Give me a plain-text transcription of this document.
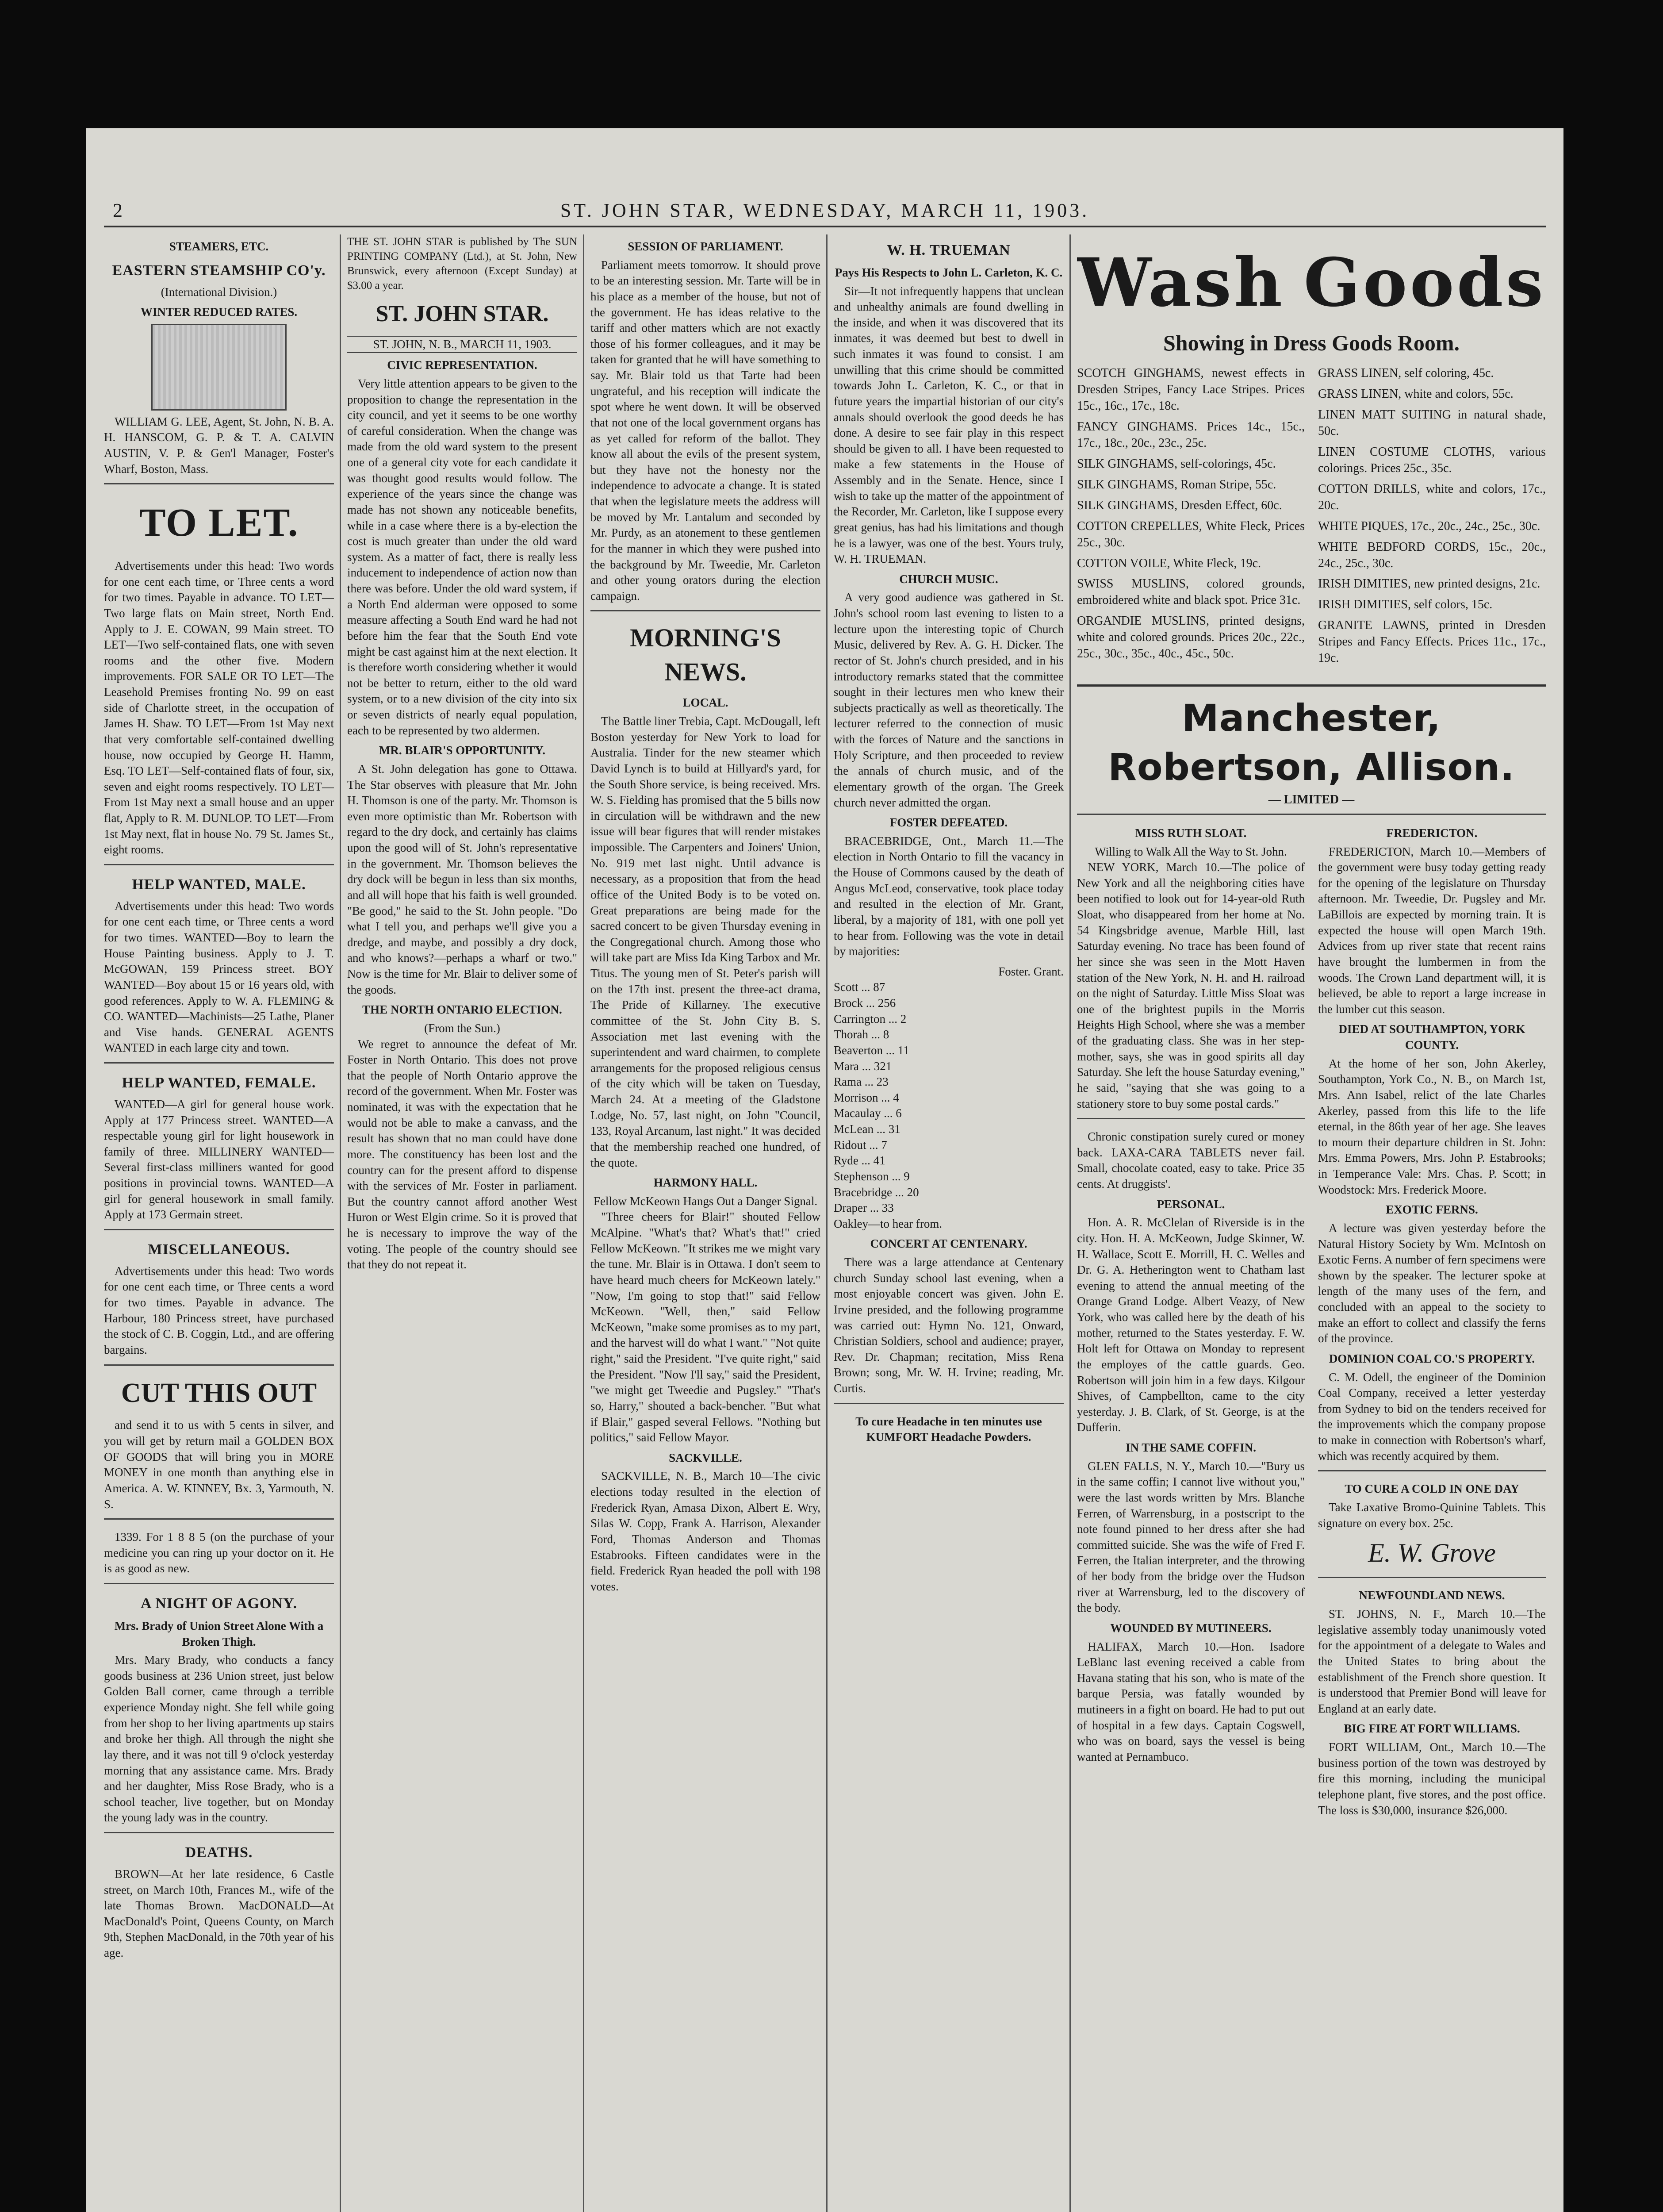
2	ST. JOHN STAR, WEDNESDAY, MARCH 11, 1903.
STEAMERS, ETC.
EASTERN STEAMSHIP CO'y.
(International Division.)
WINTER REDUCED RATES.

WILLIAM G. LEE, Agent, St. John, N. B. A. H. HANSCOM, G. P. & T. A. CALVIN AUSTIN, V. P. & Gen'l Manager, Foster's Wharf, Boston, Mass.

TO LET.

Advertisements under this head: Two words for one cent each time, or Three cents a word for two times. Payable in advance. TO LET—Two large flats on Main street, North End. Apply to J. E. COWAN, 99 Main street. TO LET—Two self-contained flats, one with seven rooms and the other five. Modern improvements. FOR SALE OR TO LET—The Leasehold Premises fronting No. 99 on east side of Charlotte street, in the occupation of James H. Shaw. TO LET—From 1st May next that very comfortable self-contained dwelling house, now occupied by George H. Hamm, Esq. TO LET—Self-contained flats of four, six, seven and eight rooms respectively. TO LET—From 1st May next a small house and an upper flat, Apply to R. M. DUNLOP. TO LET—From 1st May next, flat in house No. 79 St. James St., eight rooms.

HELP WANTED, MALE.

Advertisements under this head: Two words for one cent each time, or Three cents a word for two times. WANTED—Boy to learn the House Painting business. Apply to J. T. McGOWAN, 159 Princess street. BOY WANTED—Boy about 15 or 16 years old, with good references. Apply to W. A. FLEMING & CO. WANTED—Machinists—25 Lathe, Planer and Vise hands. GENERAL AGENTS WANTED in each large city and town.

HELP WANTED, FEMALE.

WANTED—A girl for general house work. Apply at 177 Princess street. WANTED—A respectable young girl for light housework in family of three. MILLINERY WANTED—Several first-class milliners wanted for good positions in provincial towns. WANTED—A girl for general housework in small family. Apply at 173 Germain street.

MISCELLANEOUS.

Advertisements under this head: Two words for one cent each time, or Three cents a word for two times. Payable in advance. The Harbour, 180 Princess street, have purchased the stock of C. B. Coggin, Ltd., and are offering bargains.

CUT THIS OUT

and send it to us with 5 cents in silver, and you will get by return mail a GOLDEN BOX OF GOODS that will bring you in MORE MONEY in one month than anything else in America. A. W. KINNEY, Bx. 3, Yarmouth, N. S.

1339. For 1 8 8 5 (on the purchase of your medicine you can ring up your doctor on it. He is as good as new.

A NIGHT OF AGONY.
Mrs. Brady of Union Street Alone With a Broken Thigh.

Mrs. Mary Brady, who conducts a fancy goods business at 236 Union street, just below Golden Ball corner, came through a terrible experience Monday night. She fell while going from her shop to her living apartments up stairs and broke her thigh. All through the night she lay there, and it was not till 9 o'clock yesterday morning that any assistance came. Mrs. Brady and her daughter, Miss Rose Brady, who is a school teacher, live together, but on Monday the young lady was in the country.

DEATHS.

BROWN—At her late residence, 6 Castle street, on March 10th, Frances M., wife of the late Thomas Brown. MacDONALD—At MacDonald's Point, Queens County, on March 9th, Stephen MacDonald, in the 70th year of his age.

THE ST. JOHN STAR is published by The SUN PRINTING COMPANY (Ltd.), at St. John, New Brunswick, every afternoon (Except Sunday) at $3.00 a year.

ST. JOHN STAR.
ST. JOHN, N. B., MARCH 11, 1903.
CIVIC REPRESENTATION.

Very little attention appears to be given to the proposition to change the representation in the city council, and yet it seems to be one worthy of careful consideration. When the change was made from the old ward system to the present one of a general city vote for each candidate it was thought good results would follow. The experience of the years since the change was made has not shown any noticeable benefits, while in a case where there is a by-election the cost is much greater than under the old ward system. As a matter of fact, there is really less inducement to independence of action now than there was before. Under the old ward system, if a North End alderman were opposed to some measure affecting a South End ward he had not before him the fear that the South End vote might be cast against him at the next election. It is therefore worth considering whether it would not be better to return, either to the old ward system, or to a new division of the city into six or seven districts of nearly equal population, each to be represented by two aldermen.

MR. BLAIR'S OPPORTUNITY.

A St. John delegation has gone to Ottawa. The Star observes with pleasure that Mr. John H. Thomson is one of the party. Mr. Thomson is even more optimistic than Mr. Robertson with regard to the dry dock, and certainly has claims upon the good will of St. John's representative in the government. Mr. Thomson believes the dry dock will be begun in less than six months, and all will hope that his faith is well grounded. "Be good," he said to the St. John people. "Do what I tell you, and perhaps we'll give you a dredge, and maybe, and possibly a dry dock, and who knows?—perhaps a wharf or two." Now is the time for Mr. Blair to deliver some of the goods.

THE NORTH ONTARIO ELECTION.
(From the Sun.)

We regret to announce the defeat of Mr. Foster in North Ontario. This does not prove that the people of North Ontario approve the record of the government. When Mr. Foster was nominated, it was with the expectation that he would not be able to make a canvass, and the result has shown that no man could have done more. The constituency has been lost and the country can for the present afford to dispense with the services of Mr. Foster in parliament. But the country cannot afford another West Huron or West Elgin crime. So it is proved that he is necessary to improve the way of the voting. The people of the country should see that they do not repeat it.

SESSION OF PARLIAMENT.

Parliament meets tomorrow. It should prove to be an interesting session. Mr. Tarte will be in his place as a member of the house, but not of the government. He has ideas relative to the tariff and other matters which are not exactly those of his former colleagues, and it may be taken for granted that he will have something to say. Mr. Blair told us that Tarte had been ungrateful, and his reception will indicate the spot where he went down. It will be observed that not one of the local government organs has as yet called for reform of the ballot. They know all about the evils of the present system, but they have not the honesty nor the independence to advocate a change. It is stated that when the legislature meets the address will be moved by Mr. Lantalum and seconded by Mr. Purdy, as an atonement to these gentlemen for the manner in which they were pushed into the background by Mr. Tweedie, Mr. Carleton and other young orators during the election campaign.

MORNING'S NEWS.
LOCAL.

The Battle liner Trebia, Capt. McDougall, left Boston yesterday for New York to load for Australia. Tinder for the new steamer which David Lynch is to build at Hillyard's yard, for the South Shore service, is being received. Mrs. W. S. Fielding has promised that the 5 bills now in circulation will be withdrawn and the new issue will bear figures that will render mistakes impossible. The Carpenters and Joiners' Union, No. 919 met last night. Until advance is necessary, as a proposition that from the head office of the United Body is to be voted on. Great preparations are being made for the sacred concert to be given Thursday evening in the Congregational church. Among those who will take part are Miss Ida King Tarbox and Mr. Titus. The young men of St. Peter's parish will on the 17th inst. present the three-act drama, The Pride of Killarney. The executive committee of the St. John City B. S. Association met last evening with the superintendent and ward chairmen, to complete arrangements for the proposed religious census of the city which will be taken on Tuesday, March 24. At a meeting of the Gladstone Lodge, No. 57, last night, on John "Council, 133, Royal Arcanum, last night." It was decided that the membership reached one hundred, of the quote.

HARMONY HALL.
Fellow McKeown Hangs Out a Danger Signal.

"Three cheers for Blair!" shouted Fellow McAlpine. "What's that? What's that!" cried Fellow McKeown. "It strikes me we might vary the tune. Mr. Blair is in Ottawa. I don't seem to have heard much cheers for McKeown lately." "Now, I'm going to stop that!" said Fellow McKeown. "Well, then," said Fellow McKeown, "make some promises as to my part, and the harvest will do what I want." "Not quite right," said the President. "I've quite right," said the President. "Now I'll say," said the President, "we might get Tweedie and Pugsley." "That's so, Harry," shouted a back-bencher. "But what if Blair," gasped several Fellows. "Nothing but politics," said Fellow Mayor.

SACKVILLE.

SACKVILLE, N. B., March 10—The civic elections today resulted in the election of Frederick Ryan, Amasa Dixon, Albert E. Wry, Silas W. Copp, Frank A. Harrison, Alexander Ford, Thomas Anderson and Thomas Estabrooks. Fifteen candidates were in the field. Frederick Ryan headed the poll with 198 votes.

W. H. TRUEMAN
Pays His Respects to John L. Carleton, K. C.

Sir—It not infrequently happens that unclean and unhealthy animals are found dwelling in the inside, and when it was discovered that its inmates, it was deemed but best to dwell in such inmates it was found to consist. I am unwilling that this crime should be committed towards John L. Carleton, K. C., or that in future years the impartial historian of our city's annals should overlook the good deeds he has done. A desire to see fair play in this respect should be given to all. I have been requested to make a few statements in the House of Assembly and in the Senate. Hence, since I wish to take up the matter of the appointment of the Recorder, Mr. Carleton, like I suppose every great genius, has had his limitations and though he is a lawyer, was one of the best. Yours truly, W. H. TRUEMAN.

CHURCH MUSIC.

A very good audience was gathered in St. John's school room last evening to listen to a lecture upon the interesting topic of Church Music, delivered by Rev. A. G. H. Dicker. The rector of St. John's church presided, and in his introductory remarks stated that the committee sought in their lectures men who knew their subjects practically as well as theoretically. The lecturer referred to the connection of music with the forces of Nature and the sanctions in Holy Scripture, and then proceeded to review the annals of church music, and of the elementary growth of the organ. The Greek church never admitted the organ.

FOSTER DEFEATED.

BRACEBRIDGE, Ont., March 11.—The election in North Ontario to fill the vacancy in the House of Commons caused by the death of Angus McLeod, conservative, took place today and resulted in the election of Mr. Grant, liberal, by a majority of 181, with one poll yet to hear from. Following was the vote in detail by majorities:

Foster. Grant.
Scott ... 87
Brock ... 256
Carrington ... 2
Thorah ... 8
Beaverton ... 11
Mara ... 321
Rama ... 23
Morrison ... 4
Macaulay ... 6
McLean ... 31
Ridout ... 7
Ryde ... 41
Stephenson ... 9
Bracebridge ... 20
Draper ... 33
Oakley—to hear from.
CONCERT AT CENTENARY.

There was a large attendance at Centenary church Sunday school last evening, when a most enjoyable concert was given. John E. Irvine presided, and the following programme was carried out: Hymn No. 121, Onward, Christian Soldiers, school and audience; prayer, Rev. Dr. Chapman; recitation, Miss Rena Brown; song, Mr. W. H. Irvine; reading, Mr. Curtis.

To cure Headache in ten minutes use KUMFORT Headache Powders.

Wash Goods
Showing in Dress Goods Room.

SCOTCH GINGHAMS, newest effects in Dresden Stripes, Fancy Lace Stripes. Prices 15c., 16c., 17c., 18c.

FANCY GINGHAMS. Prices 14c., 15c., 17c., 18c., 20c., 23c., 25c.

SILK GINGHAMS, self-colorings, 45c.

SILK GINGHAMS, Roman Stripe, 55c.

SILK GINGHAMS, Dresden Effect, 60c.

COTTON CREPELLES, White Fleck, Prices 25c., 30c.

COTTON VOILE, White Fleck, 19c.

SWISS MUSLINS, colored grounds, embroidered white and black spot. Price 31c.

ORGANDIE MUSLINS, printed designs, white and colored grounds. Prices 20c., 22c., 25c., 30c., 35c., 40c., 45c., 50c.

GRASS LINEN, self coloring, 45c.

GRASS LINEN, white and colors, 55c.

LINEN MATT SUITING in natural shade, 50c.

LINEN COSTUME CLOTHS, various colorings. Prices 25c., 35c.

COTTON DRILLS, white and colors, 17c., 20c.

WHITE PIQUES, 17c., 20c., 24c., 25c., 30c.

WHITE BEDFORD CORDS, 15c., 20c., 24c., 25c., 30c.

IRISH DIMITIES, new printed designs, 21c.

IRISH DIMITIES, self colors, 15c.

GRANITE LAWNS, printed in Dresden Stripes and Fancy Effects. Prices 11c., 17c., 19c.

Manchester, Robertson, Allison.
— LIMITED —
MISS RUTH SLOAT.
Willing to Walk All the Way to St. John.

NEW YORK, March 10.—The police of New York and all the neighboring cities have been notified to look out for 14-year-old Ruth Sloat, who disappeared from her home at No. 54 Kingsbridge avenue, Marble Hill, last Saturday evening. No trace has been found of her since she was seen in the Mott Haven station of the New York, N. H. and H. railroad on the night of Saturday. Little Miss Sloat was one of the brightest pupils in the Morris Heights High School, where she was a member of the graduating class. She was in her step-mother, says, she was in good spirits all day Saturday. She left the house Saturday evening," he said, "saying that she was going to a stationery store to buy some postal cards."

Chronic constipation surely cured or money back. LAXA-CARA TABLETS never fail. Small, chocolate coated, easy to take. Price 35 cents. At druggists'.

PERSONAL.

Hon. A. R. McClelan of Riverside is in the city. Hon. H. A. McKeown, Judge Skinner, W. H. Wallace, Scott E. Morrill, H. C. Welles and Dr. G. A. Hetherington went to Chatham last evening to attend the annual meeting of the Orange Grand Lodge. Albert Veazy, of New York, who was called here by the death of his mother, returned to the States yesterday. F. W. Holt left for Ottawa on Monday to represent the employes of the cattle guards. Geo. Robertson will join him in a few days. Kilgour Shives, of Campbellton, came to the city yesterday. J. B. Clark, of St. George, is at the Dufferin.

IN THE SAME COFFIN.

GLEN FALLS, N. Y., March 10.—"Bury us in the same coffin; I cannot live without you," were the last words written by Mrs. Blanche Ferren, of Warrensburg, in a postscript to the note found pinned to her dress after she had committed suicide. She was the wife of Fred F. Ferren, the Italian interpreter, and the throwing of her body from the bridge over the Hudson river at Warrensburg, led to the discovery of the body.

WOUNDED BY MUTINEERS.

HALIFAX, March 10.—Hon. Isadore LeBlanc last evening received a cable from Havana stating that his son, who is mate of the barque Persia, was fatally wounded by mutineers in a fight on board. He had to put out of hospital in a few days. Captain Cogswell, who was on board, says the vessel is being wanted at Pernambuco.

FREDERICTON.

FREDERICTON, March 10.—Members of the government were busy today getting ready for the opening of the legislature on Thursday afternoon. Mr. Tweedie, Dr. Pugsley and Mr. LaBillois are expected by morning train. It is expected the house will open March 19th. Advices from up river state that recent rains have brought the lumbermen in from the woods. The Crown Land department will, it is believed, be able to report a large increase in the lumber cut this season.

DIED AT SOUTHAMPTON, YORK COUNTY.

At the home of her son, John Akerley, Southampton, York Co., N. B., on March 1st, Mrs. Ann Isabel, relict of the late Charles Akerley, passed from this life to the life eternal, in the 86th year of her age. She leaves to mourn their departure children in St. John: Mrs. Emma Powers, Mrs. John P. Estabrooks; in Temperance Vale: Mrs. Chas. P. Scott; in Woodstock: Mrs. Frederick Moore.

EXOTIC FERNS.

A lecture was given yesterday before the Natural History Society by Wm. McIntosh on Exotic Ferns. A number of fern specimens were shown by the speaker. The lecturer spoke at length of the many uses of the fern, and concluded with an appeal to the society to make an effort to collect and classify the ferns of the province.

DOMINION COAL CO.'S PROPERTY.

C. M. Odell, the engineer of the Dominion Coal Company, received a letter yesterday from Sydney to bid on the tenders received for the improvements which the company propose to make in connection with Robertson's wharf, which was recently acquired by them.

TO CURE A COLD IN ONE DAY

Take Laxative Bromo-Quinine Tablets. This signature on every box. 25c.

E. W. Grove
NEWFOUNDLAND NEWS.

ST. JOHNS, N. F., March 10.—The legislative assembly today unanimously voted for the appointment of a delegate to Wales and the United States to bring about the establishment of the French shore question. It is understood that Premier Bond will leave for England at an early date.

BIG FIRE AT FORT WILLIAMS.

FORT WILLIAM, Ont., March 10.—The business portion of the town was destroyed by fire this morning, including the municipal telephone plant, five stores, and the post office. The loss is $30,000, insurance $26,000.
